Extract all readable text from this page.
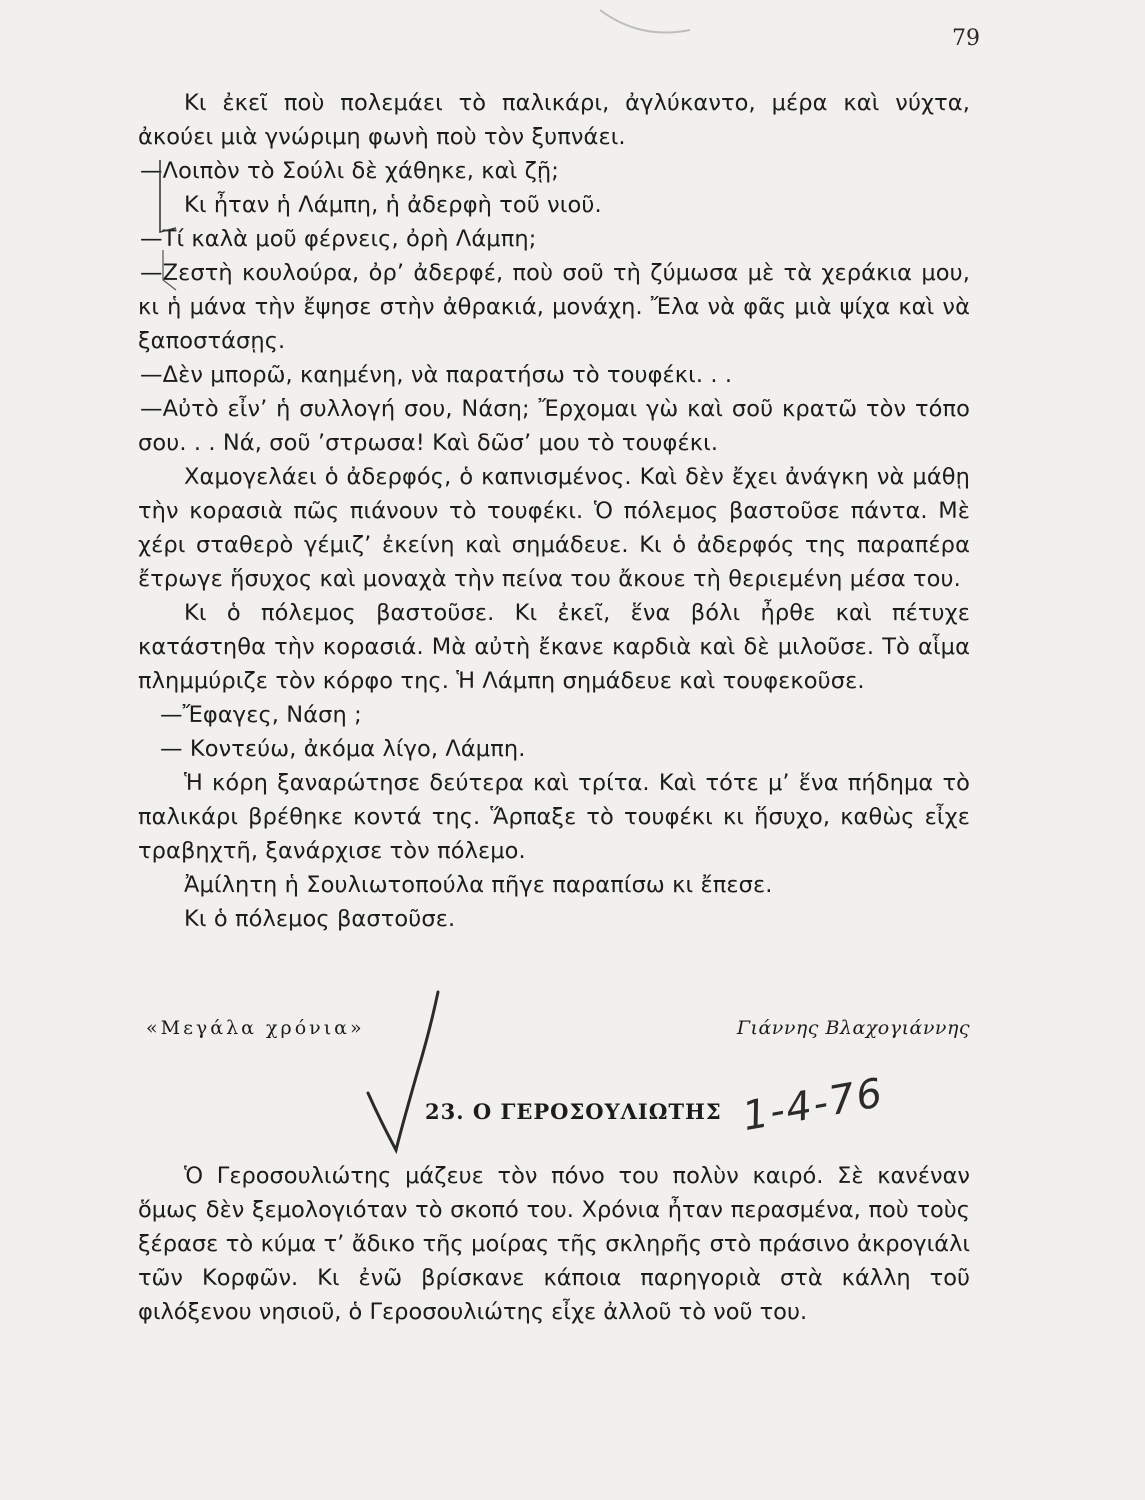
79

Κι ἐκεῖ ποὺ πολεμάει τὸ παλικάρι, ἀγλύκαντο, μέρα καὶ νύχτα, ἀκούει μιὰ γνώριμη φωνὴ ποὺ τὸν ξυπνάει.

—Λοιπὸν τὸ Σούλι δὲ χάθηκε, καὶ ζῇ;

Κι ἦταν ἡ Λάμπη, ἡ ἀδερφὴ τοῦ νιοῦ.

—Τί καλὰ μοῦ φέρνεις, ὀρὴ Λάμπη;

—Ζεστὴ κουλούρα, ὀρ’ ἀδερφέ, ποὺ σοῦ τὴ ζύμωσα μὲ τὰ χεράκια μου, κι ἡ μάνα τὴν ἔψησε στὴν ἀθρακιά, μονάχη. Ἔλα νὰ φᾶς μιὰ ψίχα καὶ νὰ ξαποστάσῃς.

—Δὲν μπορῶ, καημένη, νὰ παρατήσω τὸ τουφέκι. . .

—Αὐτὸ εἶν’ ἡ συλλογή σου, Νάση; Ἔρχομαι γὼ καὶ σοῦ κρατῶ τὸν τόπο σου. . . Νά, σοῦ ’στρωσα! Καὶ δῶσ’ μου τὸ τουφέκι.

Χαμογελάει ὁ ἀδερφός, ὁ καπνισμένος. Καὶ δὲν ἔχει ἀνάγκη νὰ μάθῃ τὴν κορασιὰ πῶς πιάνουν τὸ τουφέκι. Ὁ πόλεμος βαστοῦσε πάντα. Μὲ χέρι σταθερὸ γέμιζ’ ἐκείνη καὶ σημάδευε. Κι ὁ ἀδερφός της παραπέρα ἔτρωγε ἥσυχος καὶ μοναχὰ τὴν πείνα του ἄκουε τὴ θεριεμένη μέσα του.

Κι ὁ πόλεμος βαστοῦσε. Κι ἐκεῖ, ἕνα βόλι ἦρθε καὶ πέτυχε κατάστηθα τὴν κορασιά. Μὰ αὐτὴ ἔκανε καρδιὰ καὶ δὲ μιλοῦσε. Τὸ αἷμα πλημμύριζε τὸν κόρφο της. Ἡ Λάμπη σημάδευε καὶ τουφεκοῦσε.

—Ἔφαγες, Νάση ;

— Κοντεύω, ἀκόμα λίγο, Λάμπη.

Ἡ κόρη ξαναρώτησε δεύτερα καὶ τρίτα. Καὶ τότε μ’ ἕνα πήδημα τὸ παλικάρι βρέθηκε κοντά της. Ἅρπαξε τὸ τουφέκι κι ἥσυχο, καθὼς εἶχε τραβηχτῆ, ξανάρχισε τὸν πόλεμο.

Ἀμίλητη ἡ Σουλιωτοπούλα πῆγε παραπίσω κι ἔπεσε.

Κι ὁ πόλεμος βαστοῦσε.

«Μεγάλα χρόνια»	Γιάννης Βλαχογιάννης
23. Ο ΓΕΡΟΣΟΥΛΙΩΤΗΣ

Ὁ Γεροσουλιώτης μάζευε τὸν πόνο του πολὺν καιρό. Σὲ κανέναν ὅμως δὲν ξεμολογιόταν τὸ σκοπό του. Χρόνια ἦταν περασμένα, ποὺ τοὺς ξέρασε τὸ κύμα τ’ ἄδικο τῆς μοίρας τῆς σκληρῆς στὸ πράσινο ἀκρογιάλι τῶν Κορφῶν. Κι ἐνῶ βρίσκανε κάποια παρηγοριὰ στὰ κάλλη τοῦ φιλόξενου νησιοῦ, ὁ Γεροσουλιώτης εἶχε ἀλλοῦ τὸ νοῦ του.

1-4-76
